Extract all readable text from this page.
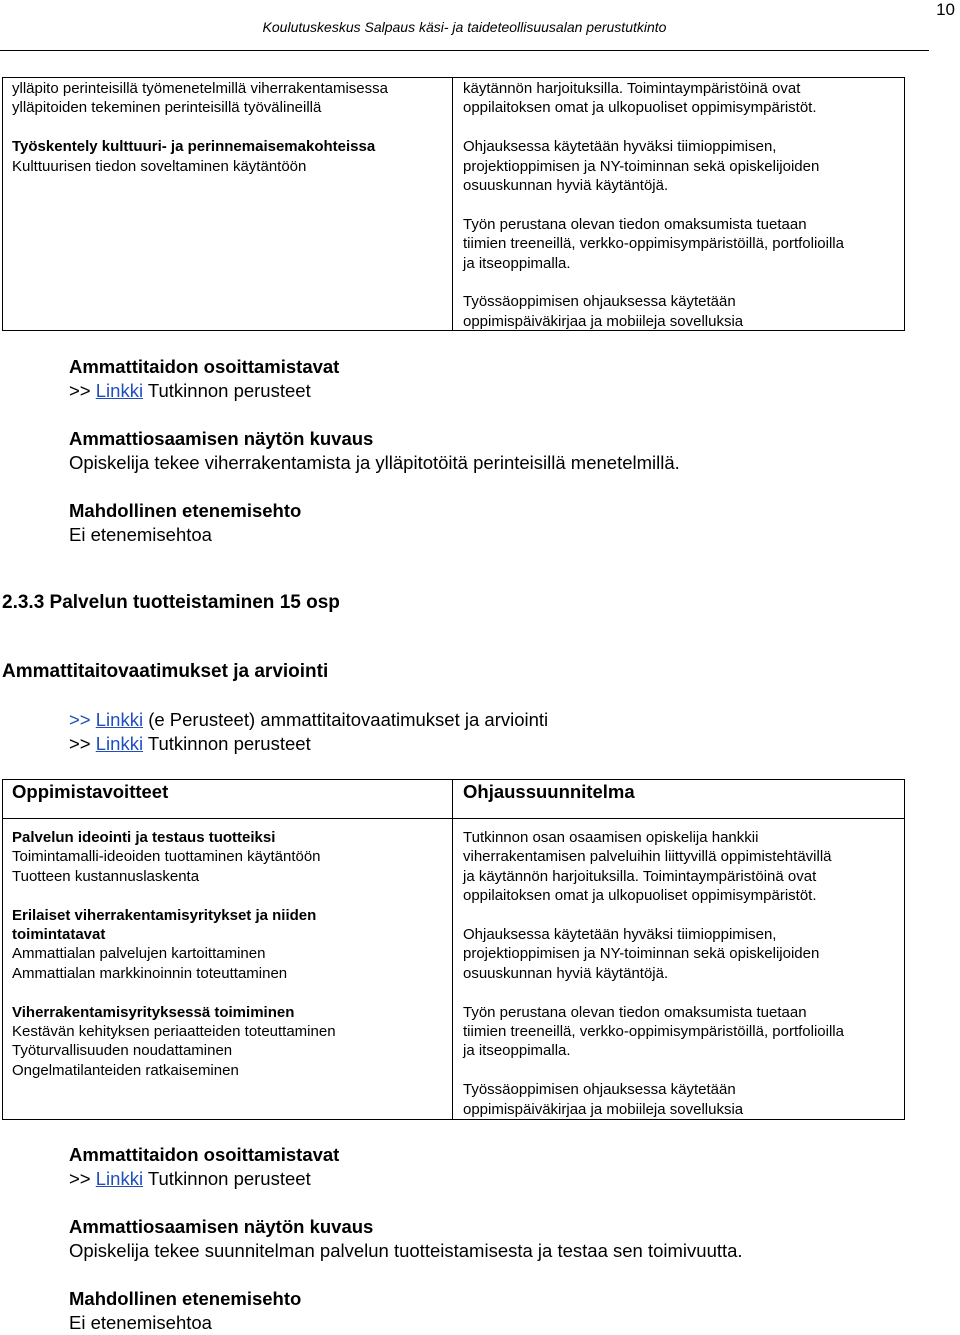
10
Koulutuskeskus Salpaus käsi- ja taideteollisuusalan perustutkinto

ylläpito perinteisillä työmenetelmillä viherrakentamisessa

ylläpitoiden tekeminen perinteisillä työvälineillä

Työskentely kulttuuri- ja perinnemaisemakohteissa

Kulttuurisen tiedon soveltaminen käytäntöön

käytännön harjoituksilla. Toimintaympäristöinä ovat

oppilaitoksen omat ja ulkopuoliset oppimisympäristöt.

Ohjauksessa käytetään hyväksi tiimioppimisen,

projektioppimisen ja NY-toiminnan sekä opiskelijoiden

osuuskunnan hyviä käytäntöjä.

Työn perustana olevan tiedon omaksumista tuetaan

tiimien treeneillä, verkko-oppimisympäristöillä, portfolioilla

ja itseoppimalla.

Työssäoppimisen ohjauksessa käytetään

oppimispäiväkirjaa ja mobiileja sovelluksia

Ammattitaidon osoittamistavat
>> Linkki Tutkinnon perusteet
Ammattiosaamisen näytön kuvaus
Opiskelija tekee viherrakentamista ja ylläpitotöitä perinteisillä menetelmillä.
Mahdollinen etenemisehto
Ei etenemisehtoa
2.3.3 Palvelun tuotteistaminen 15 osp
Ammattitaitovaatimukset ja arviointi
>> Linkki (e Perusteet) ammattitaitovaatimukset ja arviointi
>> Linkki Tutkinnon perusteet
Oppimistavoitteet	Ohjaussuunnitelma

Palvelun ideointi ja testaus tuotteiksi

Toimintamalli-ideoiden tuottaminen käytäntöön

Tuotteen kustannuslaskenta

Erilaiset viherrakentamisyritykset ja niiden

toimintatavat

Ammattialan palvelujen kartoittaminen

Ammattialan markkinoinnin toteuttaminen

Viherrakentamisyrityksessä toimiminen

Kestävän kehityksen periaatteiden toteuttaminen

Työturvallisuuden noudattaminen

Ongelmatilanteiden ratkaiseminen

Tutkinnon osan osaamisen opiskelija hankkii

viherrakentamisen palveluihin liittyvillä oppimistehtävillä

ja käytännön harjoituksilla. Toimintaympäristöinä ovat

oppilaitoksen omat ja ulkopuoliset oppimisympäristöt.

Ohjauksessa käytetään hyväksi tiimioppimisen,

projektioppimisen ja NY-toiminnan sekä opiskelijoiden

osuuskunnan hyviä käytäntöjä.

Työn perustana olevan tiedon omaksumista tuetaan

tiimien treeneillä, verkko-oppimisympäristöillä, portfolioilla

ja itseoppimalla.

Työssäoppimisen ohjauksessa käytetään

oppimispäiväkirjaa ja mobiileja sovelluksia

Ammattitaidon osoittamistavat
>> Linkki Tutkinnon perusteet
Ammattiosaamisen näytön kuvaus
Opiskelija tekee suunnitelman palvelun tuotteistamisesta ja testaa sen toimivuutta.
Mahdollinen etenemisehto
Ei etenemisehtoa
